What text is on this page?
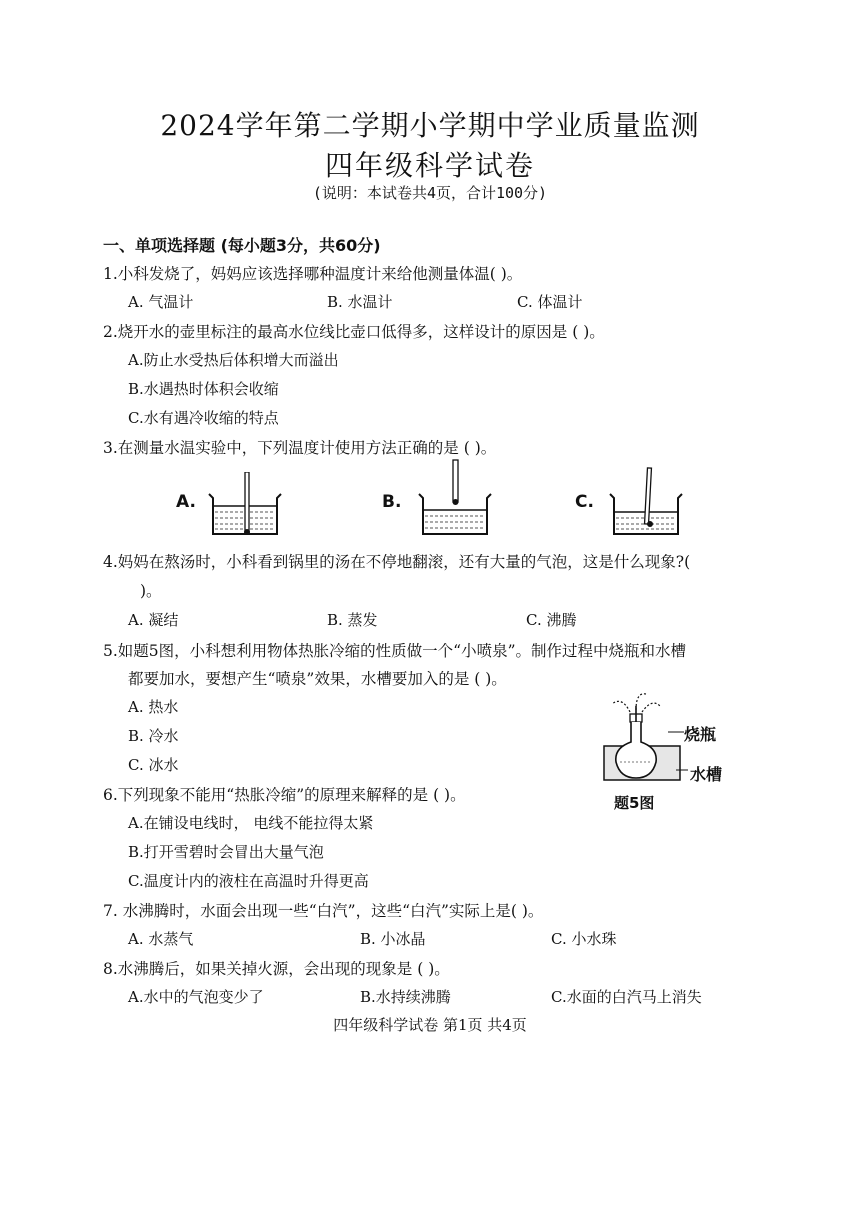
2024学年第二学期小学期中学业质量监测
四年级科学试卷
(说明：本试卷共4页，合计100分)
一、单项选择题 (每小题3分，共60分)
1.小科发烧了，妈妈应该选择哪种温度计来给他测量体温( )。
A. 气温计	B. 水温计	C. 体温计
2.烧开水的壶里标注的最高水位线比壶口低得多，这样设计的原因是 ( )。
A.防止水受热后体积增大而溢出
B.水遇热时体积会收缩
C.水有遇冷收缩的特点
3.在测量水温实验中，下列温度计使用方法正确的是 ( )。
A.	B.	C.
4.妈妈在熬汤时，小科看到锅里的汤在不停地翻滚，还有大量的气泡，这是什么现象?(
)。
A. 凝结	B. 蒸发	C. 沸腾
5.如题5图，小科想利用物体热胀冷缩的性质做一个“小喷泉”。制作过程中烧瓶和水槽
都要加水，要想产生“喷泉”效果，水槽要加入的是 ( )。
A. 热水
B. 冷水
C. 冰水
烧瓶
水槽
题5图
6.下列现象不能用“热胀冷缩”的原理来解释的是 ( )。
A.在铺设电线时， 电线不能拉得太紧
B.打开雪碧时会冒出大量气泡
C.温度计内的液柱在高温时升得更高
7. 水沸腾时，水面会出现一些“白汽”，这些“白汽”实际上是( )。
A. 水蒸气	B. 小冰晶	C. 小水珠
8.水沸腾后，如果关掉火源，会出现的现象是 ( )。
A.水中的气泡变少了	B.水持续沸腾	C.水面的白汽马上消失
四年级科学试卷 第1页 共4页
